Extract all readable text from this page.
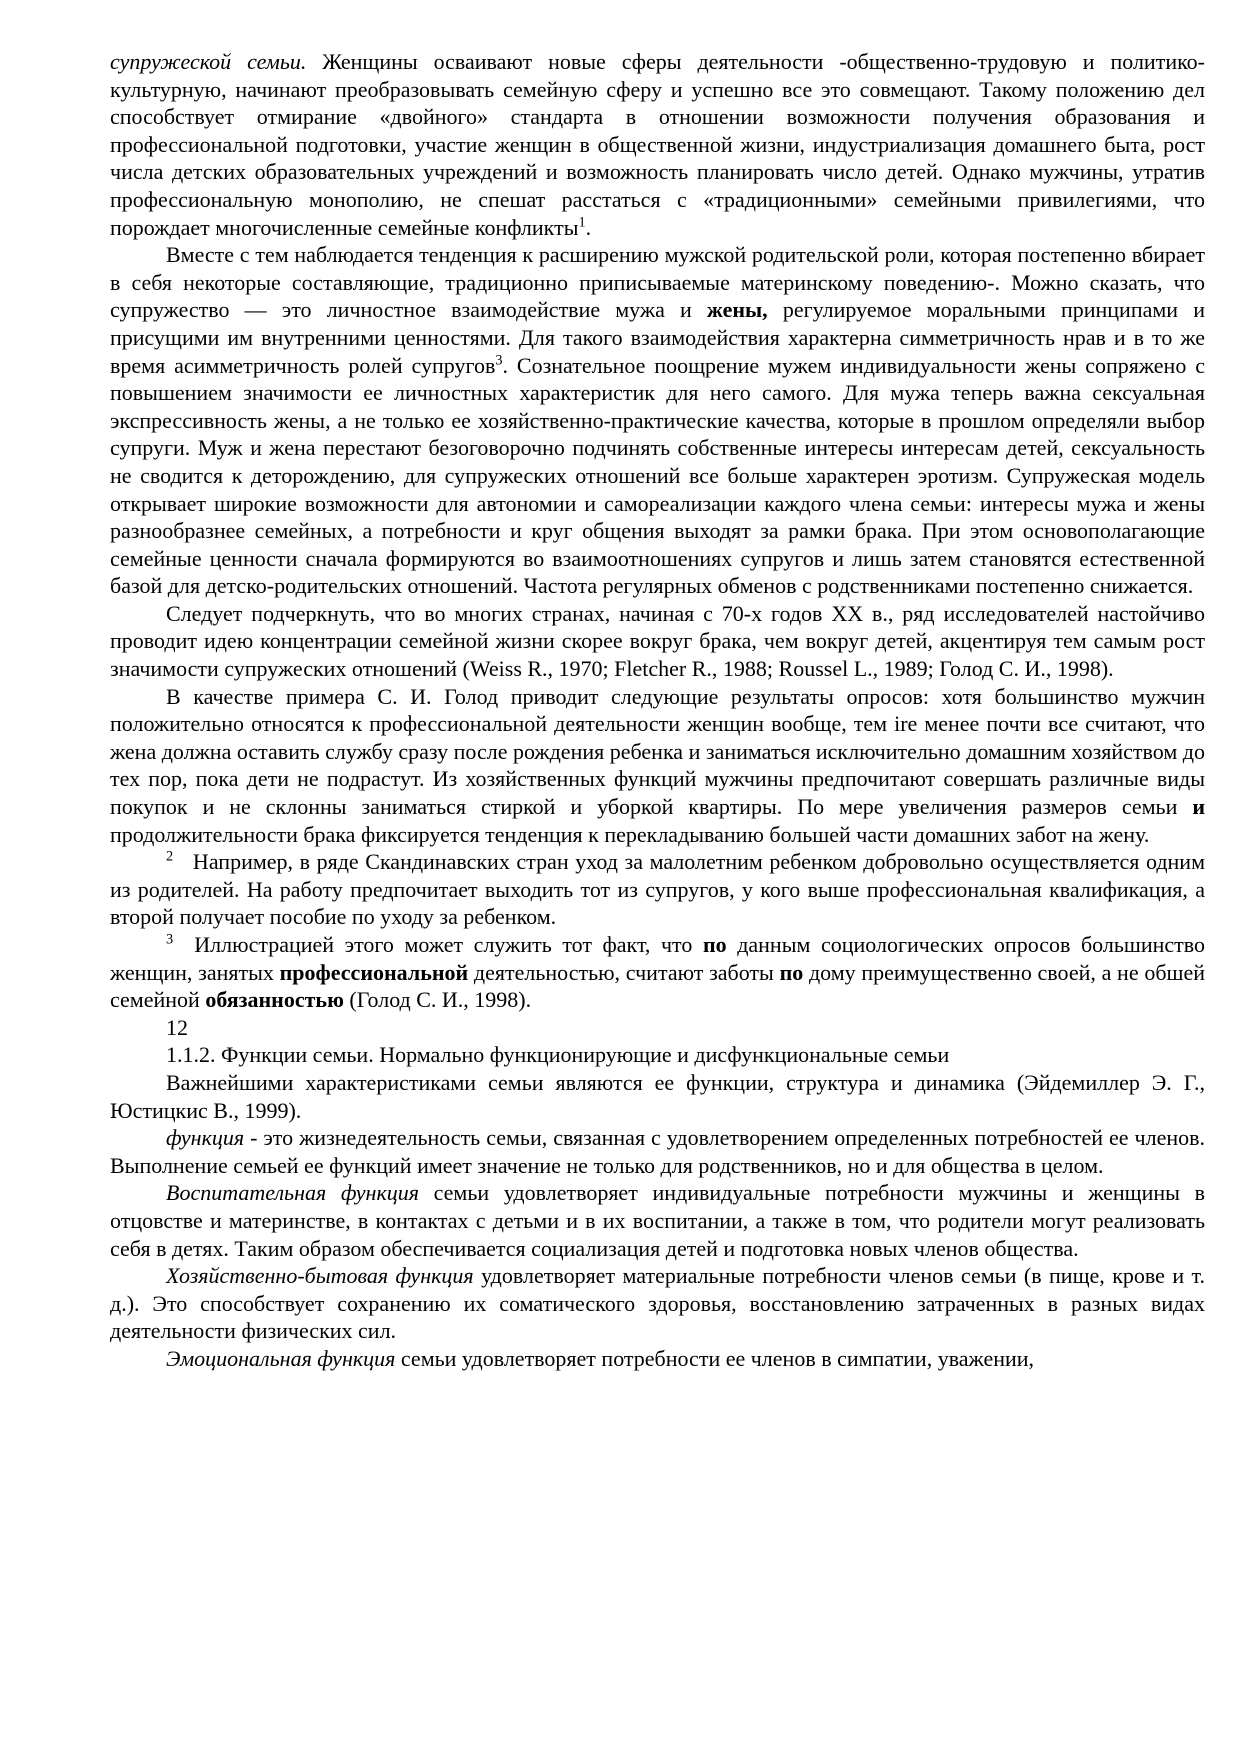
супружеской семьи. Женщины осваивают новые сферы деятельности -общественно-трудовую и политико- культурную, начинают преобразовывать семейную сферу и успешно все это совмещают. Такому положению дел способствует отмирание «двойного» стандарта в отношении возможности получения образования и профессиональной подготовки, участие женщин в общественной жизни, индустриализация домашнего быта, рост числа детских образовательных учреждений и возможность планировать число детей. Однако мужчины, утратив профессиональную монополию, не спешат расстаться с «традиционными» семейными привилегиями, что порождает многочисленные семейные конфликты$^1$.

Вместе с тем наблюдается тенденция к расширению мужской родительской роли, которая постепенно вбирает в себя некоторые составляющие, традиционно приписываемые материнскому поведению-. Можно сказать, что супружество — это личностное взаимодействие мужа и жены, регулируемое моральными принципами и присущими им внутренними ценностями. Для такого взаимодействия характерна симметричность нрав и в то же время асимметричность ролей супругов$^3$. Сознательное поощрение мужем индивидуальности жены сопряжено с повышением значимости ее личностных характеристик для него самого. Для мужа теперь важна сексуальная экспрессивность жены, а не только ее хозяйственно-практические качества, которые в прошлом определяли выбор супруги. Муж и жена перестают безоговорочно подчинять собственные интересы интересам детей, сексуальность не сводится к деторождению, для супружеских отношений все больше характерен эротизм. Супружеская модель открывает широкие возможности для автономии и самореализации каждого члена семьи: интересы мужа и жены разнообразнее семейных, а потребности и круг общения выходят за рамки брака. При этом основополагающие семейные ценности сначала формируются во взаимоотношениях супругов и лишь затем становятся естественной базой для детско-родительских отношений. Частота регулярных обменов с родственниками постепенно снижается.

Следует подчеркнуть, что во многих странах, начиная с 70-х годов XX в., ряд исследователей настойчиво проводит идею концентрации семейной жизни скорее вокруг брака, чем вокруг детей, акцентируя тем самым рост значимости супружеских отношений (Weiss R., 1970; Fletcher R., 1988; Roussel L., 1989; Голод С. И., 1998).

В качестве примера С. И. Голод приводит следующие результаты опросов: хотя большинство мужчин положительно относятся к профессиональной деятельности женщин вообще, тем ire менее почти все считают, что жена должна оставить службу сразу после рождения ребенка и заниматься исключительно домашним хозяйством до тех пор, пока дети не подрастут. Из хозяйственных функций мужчины предпочитают совершать различные виды покупок и не склонны заниматься стиркой и уборкой квартиры. По мере увеличения размеров семьи и продолжительности брака фиксируется тенденция к перекладыванию большей части домашних забот на жену.

$^2$   Например, в ряде Скандинавских стран уход за малолетним ребенком добровольно осуществляется одним из родителей. На работу предпочитает выходить тот из супругов, у кого выше профессиональная квалификация, а второй получает пособие по уходу за ребенком.

$^3$  Иллюстрацией этого может служить тот факт, что по данным социологических опросов большинство женщин, занятых профессиональной деятельностью, считают заботы по дому преимущественно своей, а не обшей семейной обязанностью (Голод С. И., 1998).

12

1.1.2. Функции семьи. Нормально функционирующие и дисфункциональные семьи

Важнейшими характеристиками семьи являются ее функции, структура и динамика (Эйдемиллер Э. Г., Юстицкис В., 1999).

функция - это жизнедеятельность семьи, связанная с удовлетворением определенных потребностей ее членов. Выполнение семьей ее функций имеет значение не только для родственников, но и для общества в целом.

Воспитательная функция семьи удовлетворяет индивидуальные потребности мужчины и женщины в отцовстве и материнстве, в контактах с детьми и в их воспитании, а также в том, что родители могут реализовать себя в детях. Таким образом обеспечивается социализация детей и подготовка новых членов общества.

Хозяйственно-бытовая функция удовлетворяет материальные потребности членов семьи (в пище, крове и т. д.). Это способствует сохранению их соматического здоровья, восстановлению затраченных в разных видах деятельности физических сил.

Эмоциональная функция семьи удовлетворяет потребности ее членов в симпатии, уважении,
